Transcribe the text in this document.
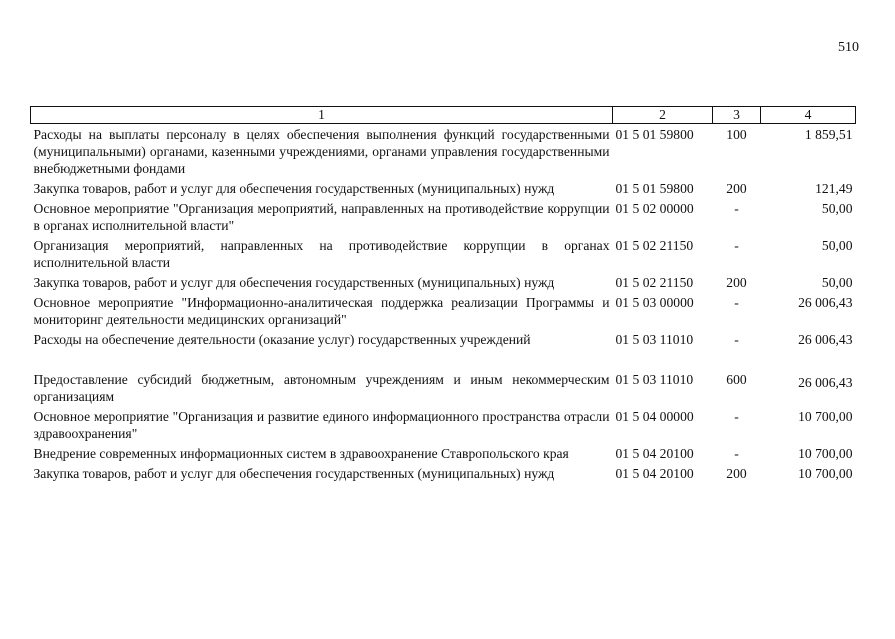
510
1	2	3	4
Расходы на выплаты персоналу в целях обеспечения выполнения функций государственными (муниципальными) органами, казенными учреждениями, органами управления государственными внебюджетными фондами	01 5 01 59800	100	1 859,51
Закупка товаров, работ и услуг для обеспечения государственных (муниципальных) нужд	01 5 01 59800	200	121,49
Основное мероприятие "Организация мероприятий, направленных на противодействие коррупции в органах исполнительной власти"	01 5 02 00000	-	50,00
Организация мероприятий, направленных на противодействие коррупции в органах исполнительной власти	01 5 02 21150	-	50,00
Закупка товаров, работ и услуг для обеспечения государственных (муниципальных) нужд	01 5 02 21150	200	50,00
Основное мероприятие "Информационно-аналитическая поддержка реализации Программы и мониторинг деятельности медицинских организаций"	01 5 03 00000	-	26 006,43
Расходы на обеспечение деятельности (оказание услуг) государственных учреждений	01 5 03 11010	-	26 006,43
Предоставление субсидий бюджетным, автономным учреждениям и иным некоммерческим организациям	01 5 03 11010	600	26 006,43
Основное мероприятие "Организация и развитие единого информационного пространства отрасли здравоохранения"	01 5 04 00000	-	10 700,00
Внедрение современных информационных систем в здравоохранение Ставропольского края	01 5 04 20100	-	10 700,00
Закупка товаров, работ и услуг для обеспечения государственных (муниципальных) нужд	01 5 04 20100	200	10 700,00
